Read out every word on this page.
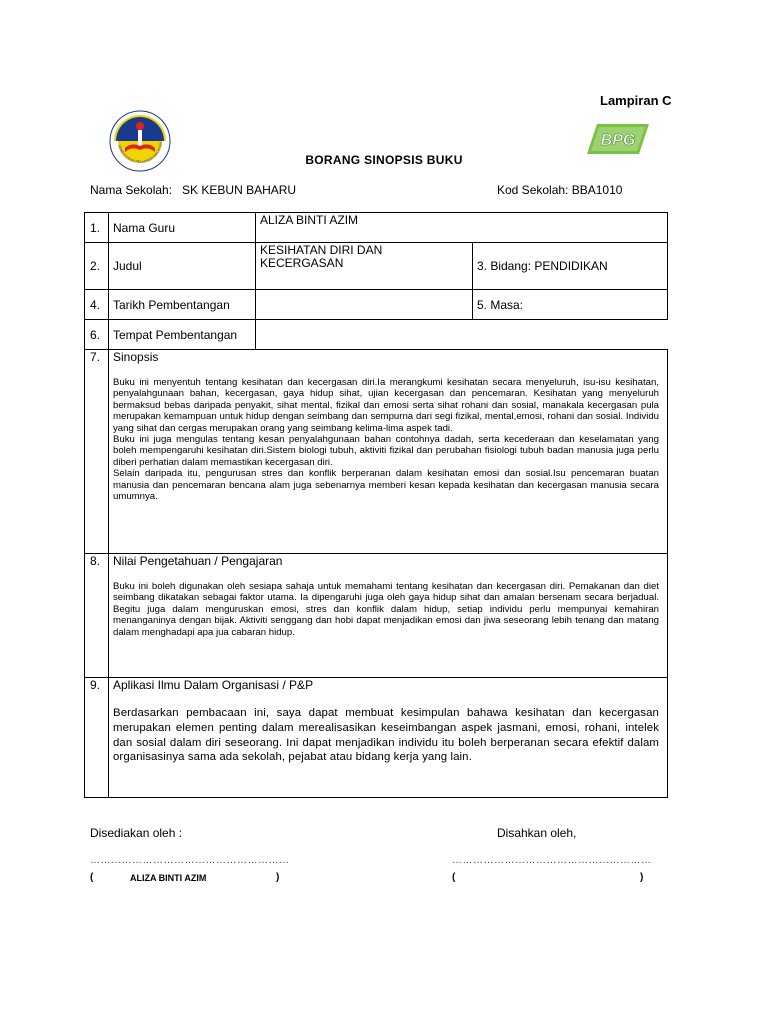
Lampiran C
KEMENTERIAN PELAJARAN MALAYSIA	BPG
BORANG SINOPSIS BUKU
Nama Sekolah: SK KEBUN BAHARU	Kod Sekolah: BBA1010
1.	Nama Guru	ALIZA BINTI AZIM	
2.	Judul	KESIHATAN DIRI DAN KECERGASAN	3. Bidang: PENDIDIKAN
4.	Tarikh Pembentangan		5. Masa:
6.	Tempat Pembentangan		
7.	Sinopsis
Buku ini menyentuh tentang kesihatan dan kecergasan diri.Ia merangkumi kesihatan secara menyeluruh, isu-isu kesihatan, penyalahgunaan bahan, kecergasan, gaya hidup sihat, ujian kecergasan dan pencemaran. Kesihatan yang menyeluruh bermaksud bebas daripada penyakit, sihat mental, fizikal dan emosi serta sihat rohani dan sosial, manakala kecergasan pula merupakan kemampuan untuk hidup dengan seimbang dan sempurna dari segi fizikal, mental,emosi, rohani dan sosial. Individu yang sihat dan cergas merupakan orang yang seimbang kelima-lima aspek tadi.
Buku ini juga mengulas tentang kesan penyalahgunaan bahan contohnya dadah, serta kecederaan dan keselamatan yang boleh mempengaruhi kesihatan diri.Sistem biologi tubuh, aktiviti fizikal dan perubahan fisiologi tubuh badan manusia juga perlu diberi perhatian dalam memastikan kecergasan diri.
Selain daripada itu, pengurusan stres dan konflik berperanan dalam kesihatan emosi dan sosial.Isu pencemaran buatan manusia dan pencemaran bencana alam juga sebenarnya memberi kesan kepada kesihatan dan kecergasan manusia secara umumnya.		

8.	Nilai Pengetahuan / Pengajaran
Buku ini boleh digunakan oleh sesiapa sahaja untuk memahami tentang kesihatan dan kecergasan diri. Pemakanan dan diet seimbang dikatakan sebagai faktor utama. Ia dipengaruhi juga oleh gaya hidup sihat dan amalan bersenam secara berjadual. Begitu juga dalam menguruskan emosi, stres dan konflik dalam hidup, setiap individu perlu mempunyai kemahiran menanganinya dengan bijak. Aktiviti senggang dan hobi dapat menjadikan emosi dan jiwa seseorang lebih tenang dan matang dalam menghadapi apa jua cabaran hidup.		

9.	Aplikasi Ilmu Dalam Organisasi / P&P
Berdasarkan pembacaan ini, saya dapat membuat kesimpulan bahawa kesihatan dan kecergasan merupakan elemen penting dalam merealisasikan keseimbangan aspek jasmani, emosi, rohani, intelek dan sosial dalam diri seseorang. Ini dapat menjadikan individu itu boleh berperanan secara efektif dalam organisasinya sama ada sekolah, pejabat atau bidang kerja yang lain.		
Disediakan oleh :	Disahkan oleh,
…………………………………………………	…………………………………………………
(	ALIZA BINTI AZIM	)	(	)
